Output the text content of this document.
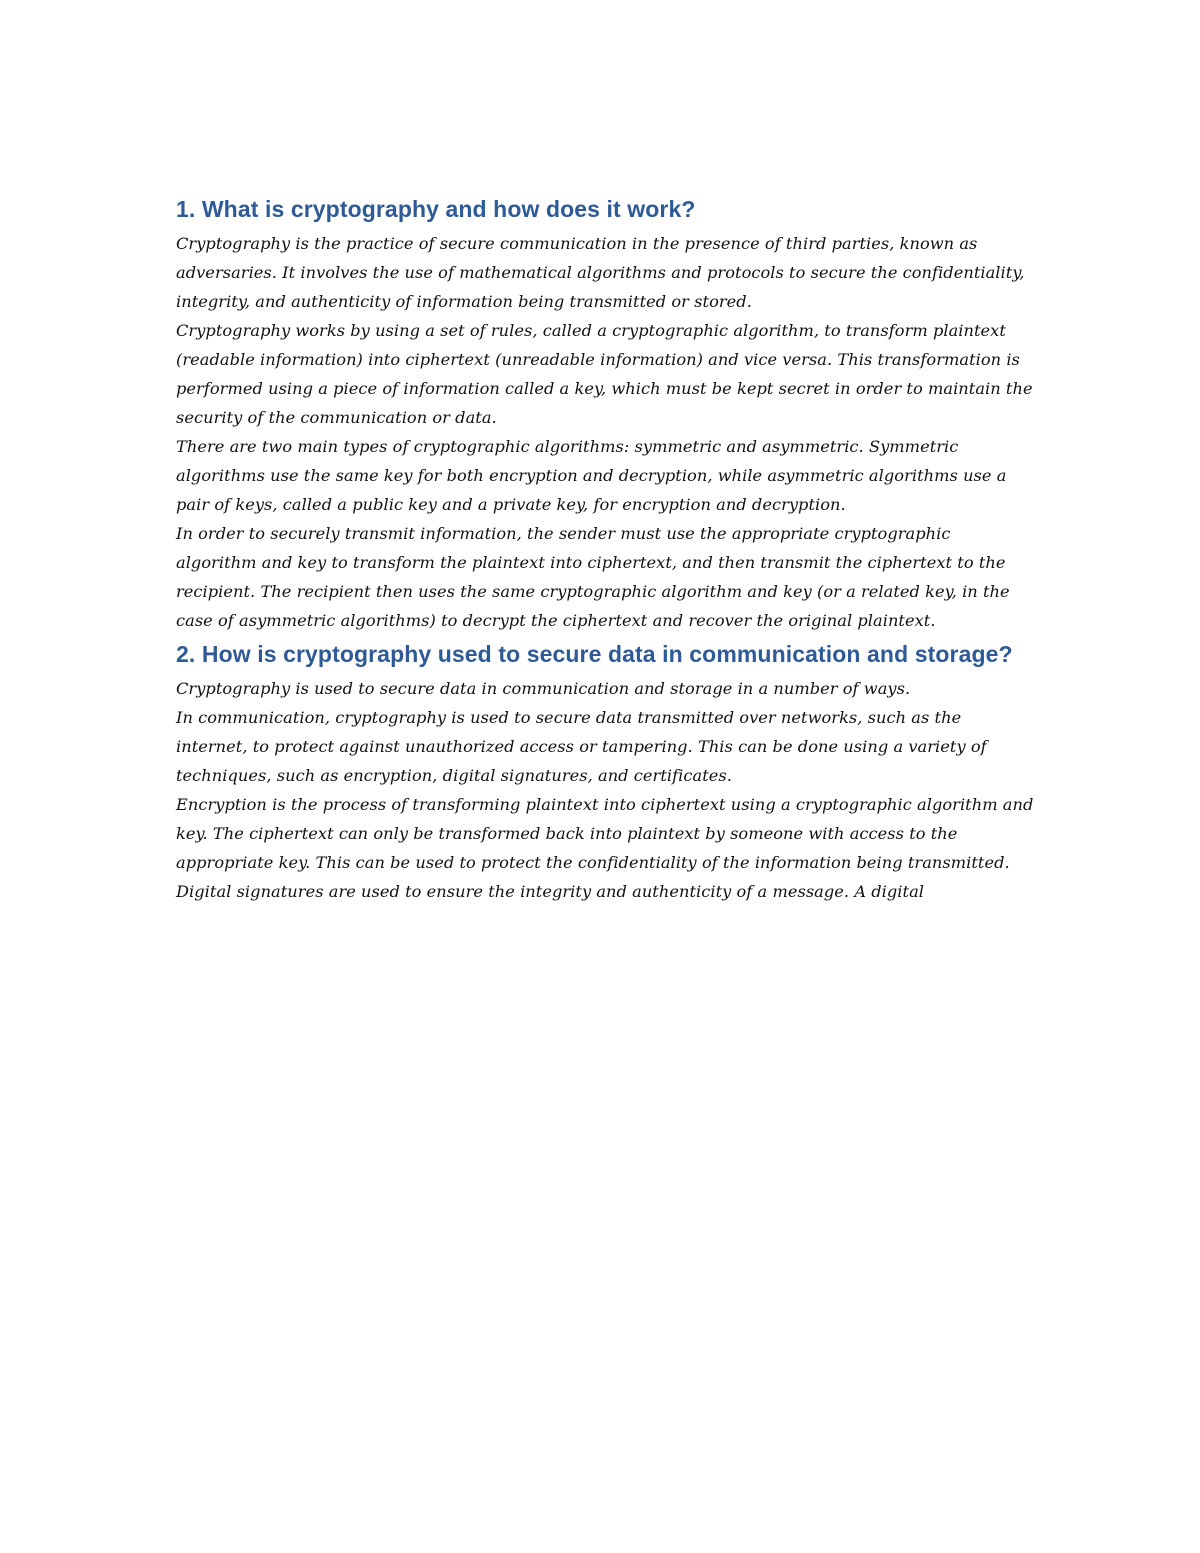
1. What is cryptography and how does it work?

Cryptography is the practice of secure communication in the presence of third parties, known as adversaries. It involves the use of mathematical algorithms and protocols to secure the confidentiality, integrity, and authenticity of information being transmitted or stored.

Cryptography works by using a set of rules, called a cryptographic algorithm, to transform plaintext (readable information) into ciphertext (unreadable information) and vice versa. This transformation is performed using a piece of information called a key, which must be kept secret in order to maintain the security of the communication or data.

There are two main types of cryptographic algorithms: symmetric and asymmetric. Symmetric algorithms use the same key for both encryption and decryption, while asymmetric algorithms use a pair of keys, called a public key and a private key, for encryption and decryption.

In order to securely transmit information, the sender must use the appropriate cryptographic algorithm and key to transform the plaintext into ciphertext, and then transmit the ciphertext to the recipient. The recipient then uses the same cryptographic algorithm and key (or a related key, in the case of asymmetric algorithms) to decrypt the ciphertext and recover the original plaintext.

2. How is cryptography used to secure data in communication and storage?

Cryptography is used to secure data in communication and storage in a number of ways.

In communication, cryptography is used to secure data transmitted over networks, such as the internet, to protect against unauthorized access or tampering. This can be done using a variety of techniques, such as encryption, digital signatures, and certificates.

Encryption is the process of transforming plaintext into ciphertext using a cryptographic algorithm and key. The ciphertext can only be transformed back into plaintext by someone with access to the appropriate key. This can be used to protect the confidentiality of the information being transmitted.

Digital signatures are used to ensure the integrity and authenticity of a message. A digital
